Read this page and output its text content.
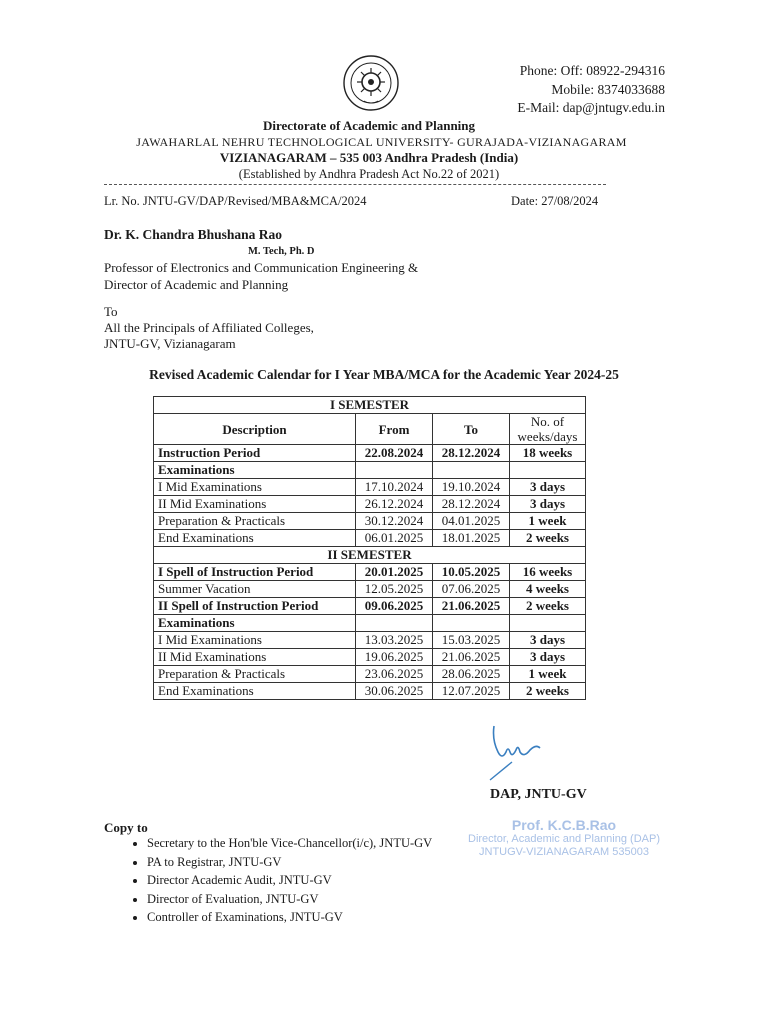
Phone: Off: 08922-294316
Mobile: 8374033688
E-Mail: dap@jntugv.edu.in
Directorate of Academic and Planning
JAWAHARLAL NEHRU TECHNOLOGICAL UNIVERSITY- GURAJADA-VIZIANAGARAM
VIZIANAGARAM – 535 003 Andhra Pradesh (India)
(Established by Andhra Pradesh Act No.22 of 2021)
Lr. No. JNTU-GV/DAP/Revised/MBA&MCA/2024	Date: 27/08/2024
Dr. K. Chandra Bhushana Rao
M. Tech, Ph. D
Professor of Electronics and Communication Engineering &
Director of Academic and Planning
To
All the Principals of Affiliated Colleges,
JNTU-GV, Vizianagaram
Revised Academic Calendar for I Year MBA/MCA for the Academic Year 2024-25
I SEMESTER			
Description	From	To	No. of
weeks/days

Instruction Period	22.08.2024	28.12.2024	18 weeks
Examinations			
I Mid Examinations	17.10.2024	19.10.2024	3 days
II Mid Examinations	26.12.2024	28.12.2024	3 days
Preparation & Practicals	30.12.2024	04.01.2025	1 week
End Examinations	06.01.2025	18.01.2025	2 weeks
II SEMESTER			
I Spell of Instruction Period	20.01.2025	10.05.2025	16 weeks
Summer Vacation	12.05.2025	07.06.2025	4 weeks
II Spell of Instruction Period	09.06.2025	21.06.2025	2 weeks
Examinations			
I Mid Examinations	13.03.2025	15.03.2025	3 days
II Mid Examinations	19.06.2025	21.06.2025	3 days
Preparation & Practicals	23.06.2025	28.06.2025	1 week
End Examinations	30.06.2025	12.07.2025	2 weeks
DAP, JNTU-GV
Prof. K.C.B.Rao
Director, Academic and Planning (DAP)
JNTUGV-VIZIANAGARAM 535003
Copy to
• Secretary to the Hon'ble Vice-Chancellor(i/c), JNTU-GV
• PA to Registrar, JNTU-GV
• Director Academic Audit, JNTU-GV
• Director of Evaluation, JNTU-GV
• Controller of Examinations, JNTU-GV
